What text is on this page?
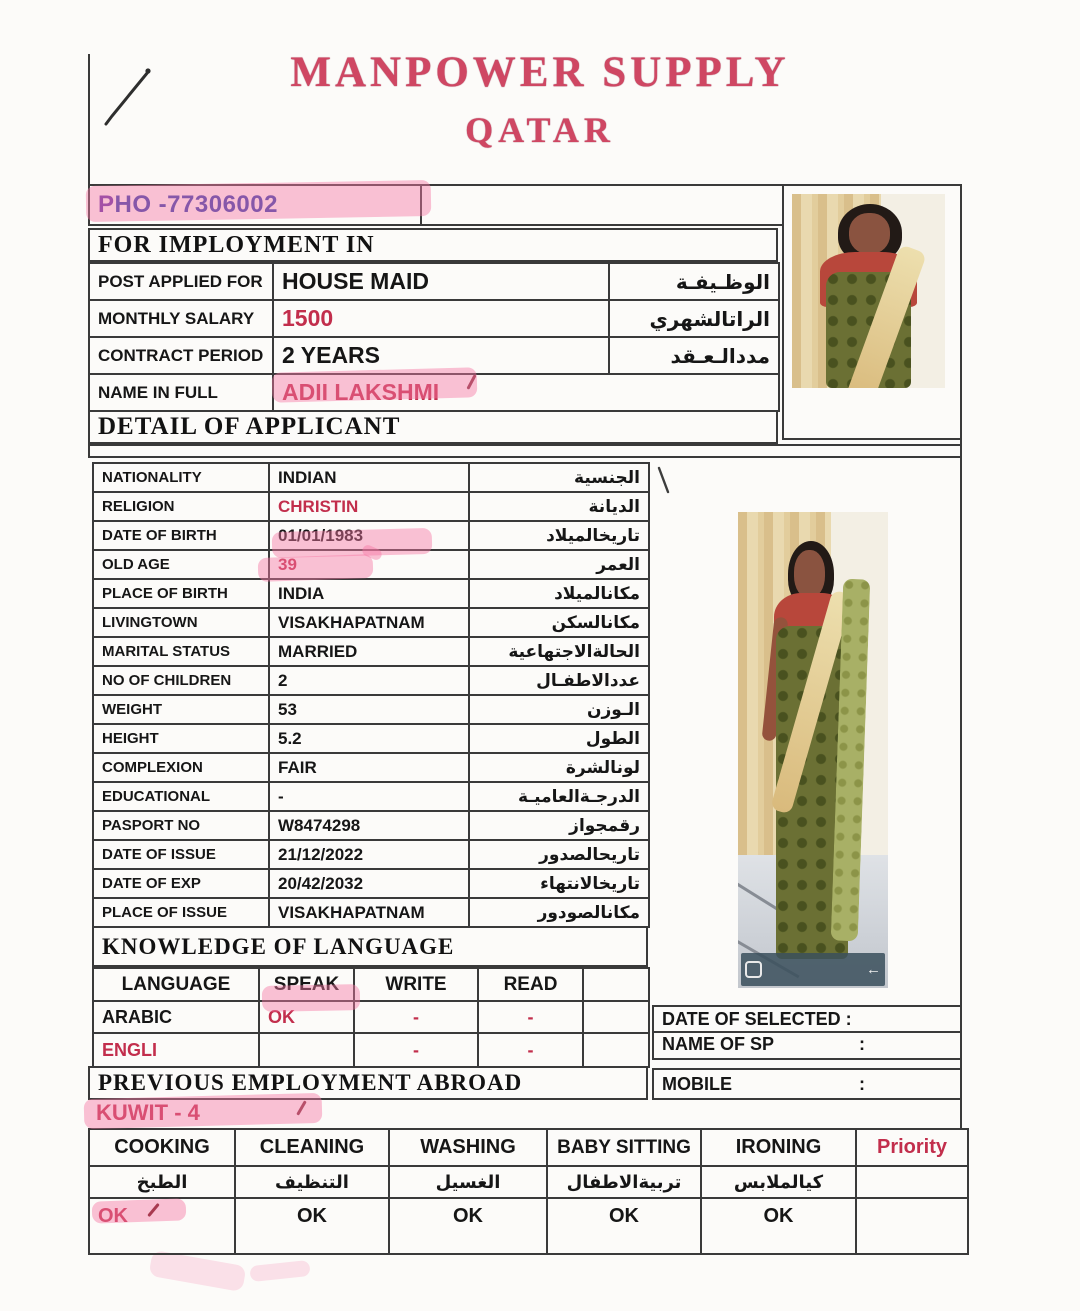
MANPOWER SUPPLY
QATAR
PHO -77306002
FOR IMPLOYMENT IN
POST APPLIED FOR	HOUSE MAID	الوظـيفـة
MONTHLY SALARY	1500	الراتالشهري
CONTRACT PERIOD	2 YEARS	مددالـعـقد
NAME IN FULL	ADII LAKSHMI	
DETAIL OF APPLICANT
NATIONALITY	INDIAN	الجنسية
RELIGION	CHRISTIN	الديانة
DATE OF BIRTH	01/01/1983	تاريخالميلاد
OLD AGE	39	العمر
PLACE OF BIRTH	INDIA	مكانالميلاد
LIVINGTOWN	VISAKHAPATNAM	مكانالسكن
MARITAL STATUS	MARRIED	الحالةالاجتهاعية
NO OF CHILDREN	2	عددالاطفـال
WEIGHT	53	الـوزن
HEIGHT	5.2	الطول
COMPLEXION	FAIR	لونالشرة
EDUCATIONAL	-	الدرجـةالعاميـة
PASPORT NO	W8474298	رقمجواز
DATE OF ISSUE	21/12/2022	تاريحالصدور
DATE OF EXP	20/42/2032	تاريخالانتهاء
PLACE OF ISSUE	VISAKHAPATNAM	مكانالصودور
←
KNOWLEDGE OF LANGUAGE
LANGUAGE	SPEAK	WRITE	READ	
ARABIC	OK	-	-	
ENGLI		-	-	
DATE OF SELECTED :
NAME OF SP	:
MOBILE	:
PREVIOUS EMPLOYMENT ABROAD
KUWIT - 4
COOKING	CLEANING	WASHING	BABY SITTING	IRONING	Priority
الطبخ	التنظيف	الغسيل	تربيةالاطفال	كيالملابس	
OK	OK	OK	OK	OK	
